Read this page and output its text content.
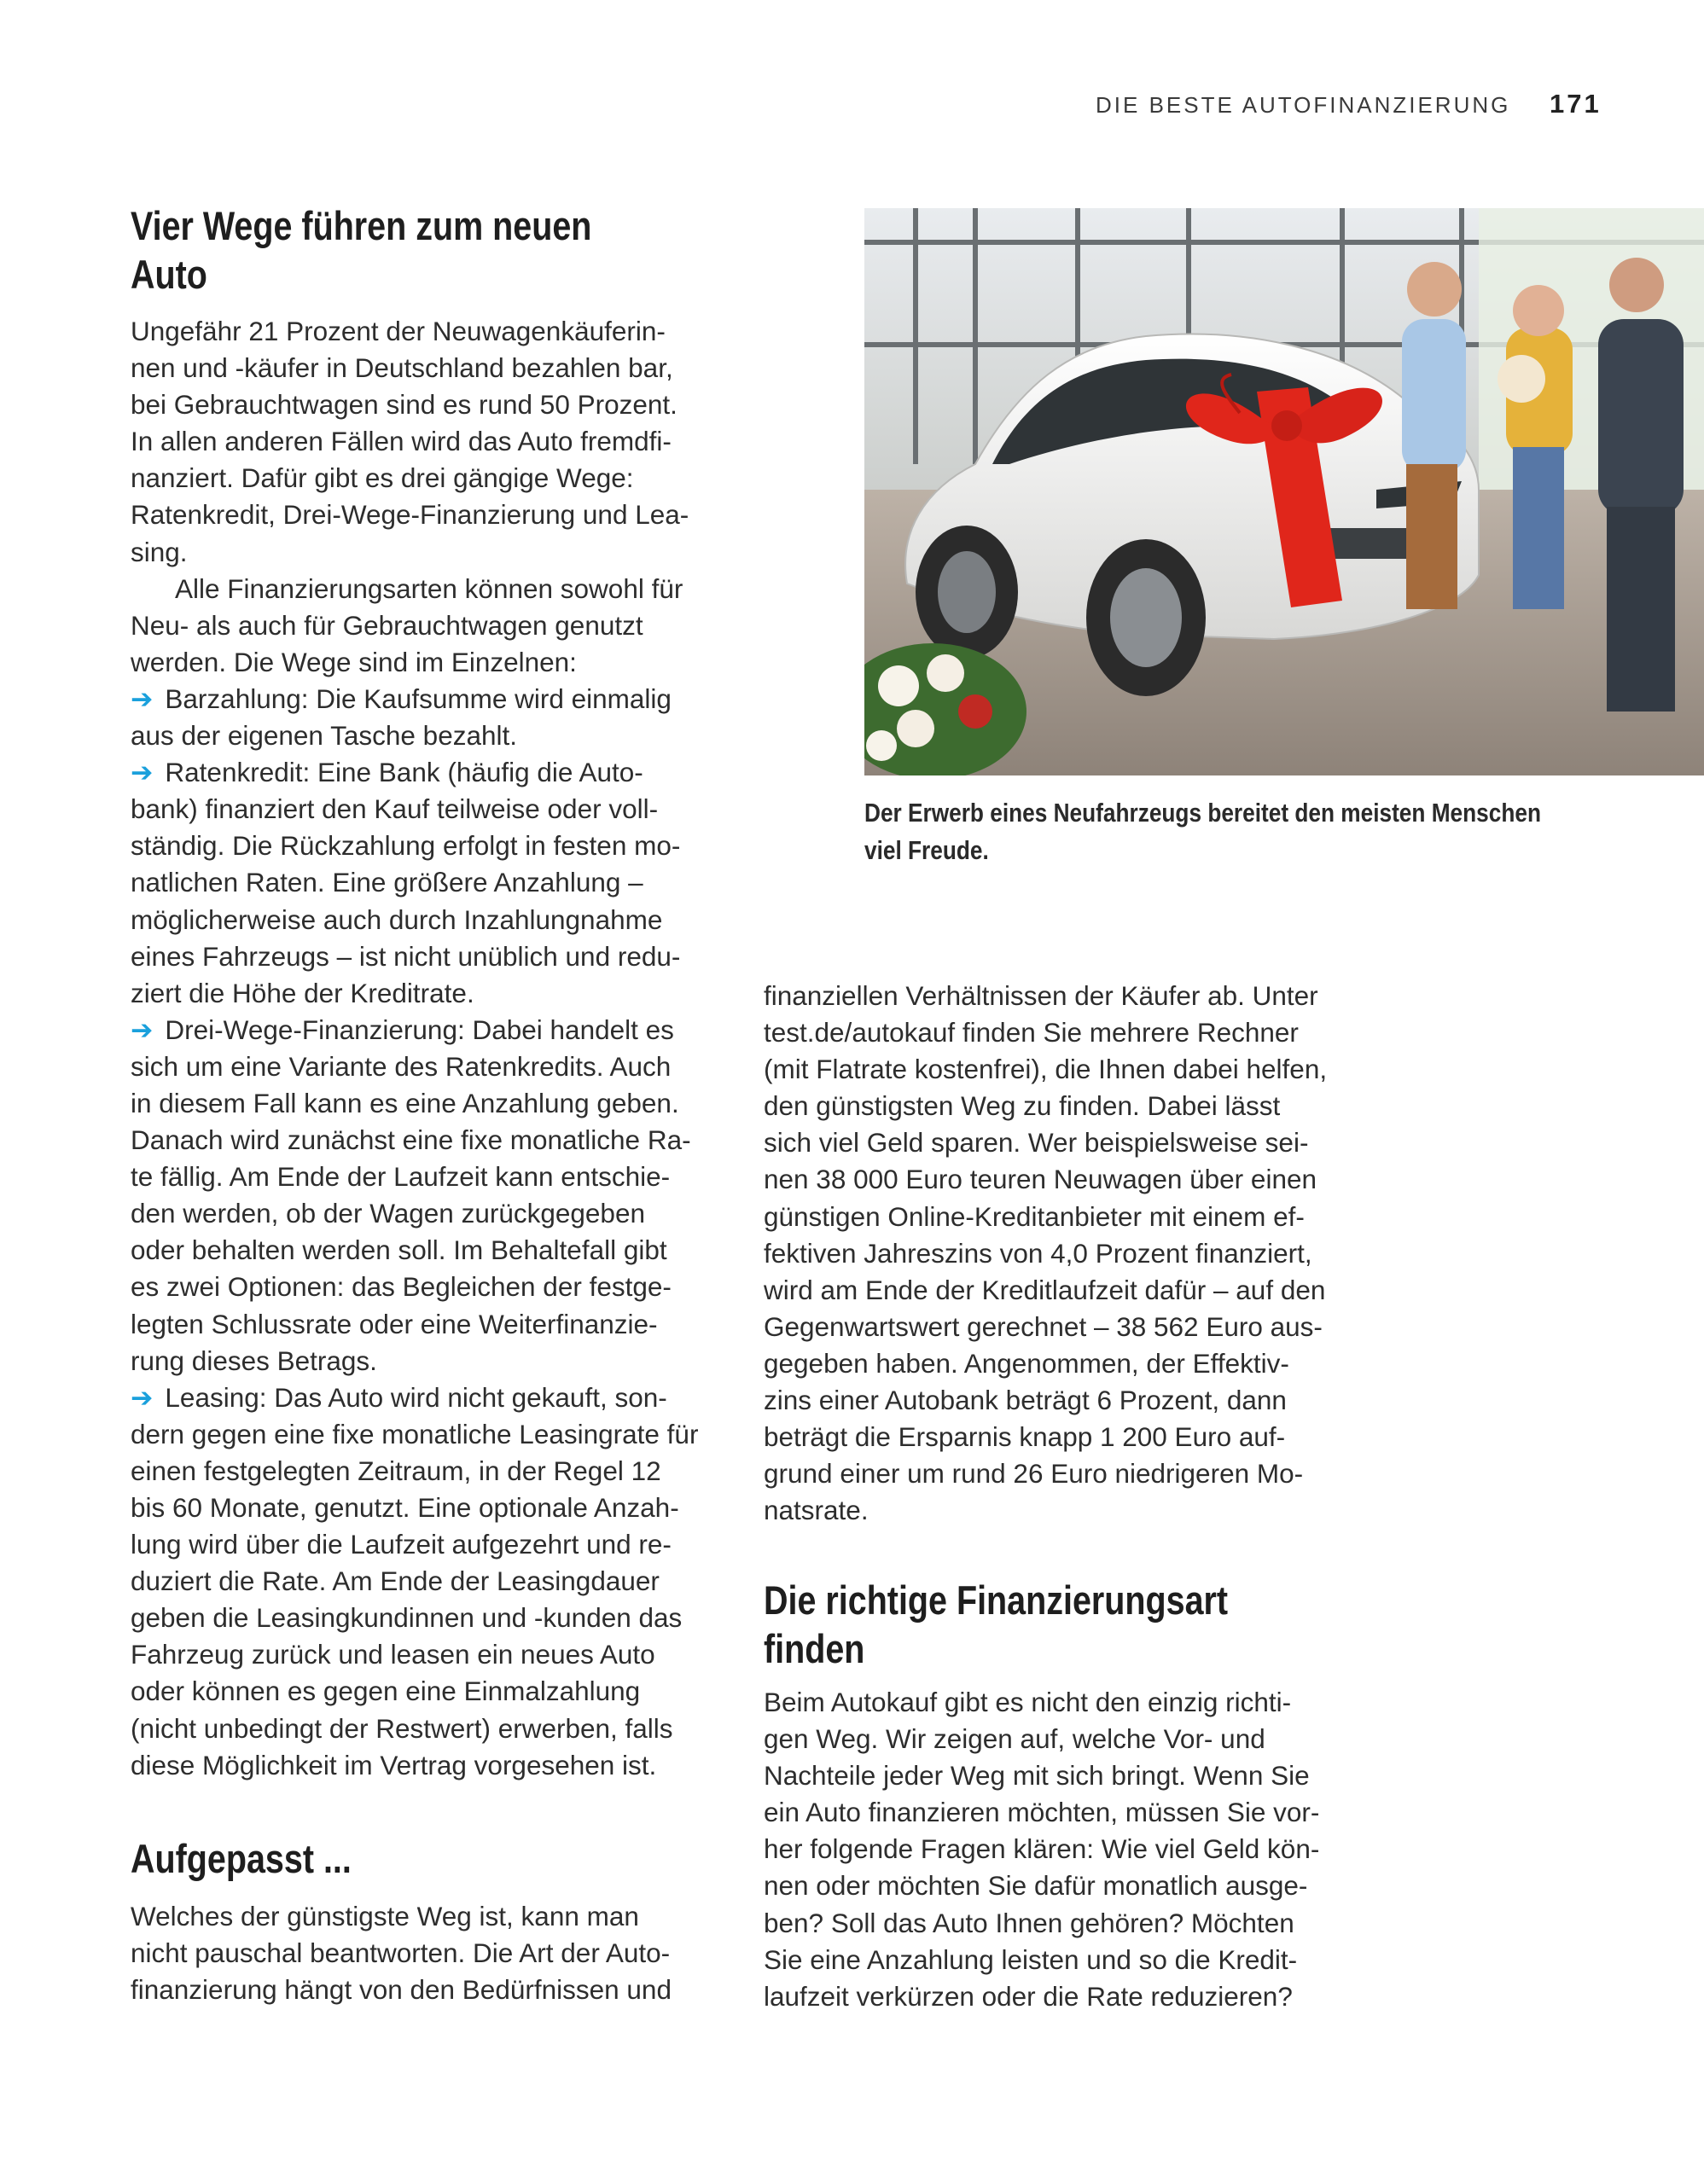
DIE BESTE AUTOFINANZIERUNG	171
Vier Wege führen zum neuen
Auto
Ungefähr 21 Prozent der Neuwagenkäuferin-
nen und -käufer in Deutschland bezahlen bar,
bei Gebrauchtwagen sind es rund 50 Prozent.
In allen anderen Fällen wird das Auto fremdfi-
nanziert. Dafür gibt es drei gängige Wege:
Ratenkredit, Drei-Wege-Finanzierung und Lea-
sing.
Alle Finanzierungsarten können sowohl für
Neu- als auch für Gebrauchtwagen genutzt
werden. Die Wege sind im Einzelnen:
➔ Barzahlung: Die Kaufsumme wird einmalig
aus der eigenen Tasche bezahlt.
➔ Ratenkredit: Eine Bank (häufig die Auto-
bank) finanziert den Kauf teilweise oder voll-
ständig. Die Rückzahlung erfolgt in festen mo-
natlichen Raten. Eine größere Anzahlung –
möglicherweise auch durch Inzahlungnahme
eines Fahrzeugs – ist nicht unüblich und redu-
ziert die Höhe der Kreditrate.
➔ Drei-Wege-Finanzierung: Dabei handelt es
sich um eine Variante des Ratenkredits. Auch
in diesem Fall kann es eine Anzahlung geben.
Danach wird zunächst eine fixe monatliche Ra-
te fällig. Am Ende der Laufzeit kann entschie-
den werden, ob der Wagen zurückgegeben
oder behalten werden soll. Im Behaltefall gibt
es zwei Optionen: das Begleichen der festge-
legten Schlussrate oder eine Weiterfinanzie-
rung dieses Betrags.
➔ Leasing: Das Auto wird nicht gekauft, son-
dern gegen eine fixe monatliche Leasingrate für
einen festgelegten Zeitraum, in der Regel 12
bis 60 Monate, genutzt. Eine optionale Anzah-
lung wird über die Laufzeit aufgezehrt und re-
duziert die Rate. Am Ende der Leasingdauer
geben die Leasingkundinnen und -kunden das
Fahrzeug zurück und leasen ein neues Auto
oder können es gegen eine Einmalzahlung
(nicht unbedingt der Restwert) erwerben, falls
diese Möglichkeit im Vertrag vorgesehen ist.
Aufgepasst ...
Welches der günstigste Weg ist, kann man
nicht pauschal beantworten. Die Art der Auto-
finanzierung hängt von den Bedürfnissen und
Der Erwerb eines Neufahrzeugs bereitet den meisten Menschen
viel Freude.
finanziellen Verhältnissen der Käufer ab. Unter
test.de/autokauf finden Sie mehrere Rechner
(mit Flatrate kostenfrei), die Ihnen dabei helfen,
den günstigsten Weg zu finden. Dabei lässt
sich viel Geld sparen. Wer beispielsweise sei-
nen 38 000 Euro teuren Neuwagen über einen
günstigen Online-Kreditanbieter mit einem ef-
fektiven Jahreszins von 4,0 Prozent finanziert,
wird am Ende der Kreditlaufzeit dafür – auf den
Gegenwartswert gerechnet – 38 562 Euro aus-
gegeben haben. Angenommen, der Effektiv-
zins einer Autobank beträgt 6 Prozent, dann
beträgt die Ersparnis knapp 1 200 Euro auf-
grund einer um rund 26 Euro niedrigeren Mo-
natsrate.
Die richtige Finanzierungsart
finden
Beim Autokauf gibt es nicht den einzig richti-
gen Weg. Wir zeigen auf, welche Vor- und
Nachteile jeder Weg mit sich bringt. Wenn Sie
ein Auto finanzieren möchten, müssen Sie vor-
her folgende Fragen klären: Wie viel Geld kön-
nen oder möchten Sie dafür monatlich ausge-
ben? Soll das Auto Ihnen gehören? Möchten
Sie eine Anzahlung leisten und so die Kredit-
laufzeit verkürzen oder die Rate reduzieren?
